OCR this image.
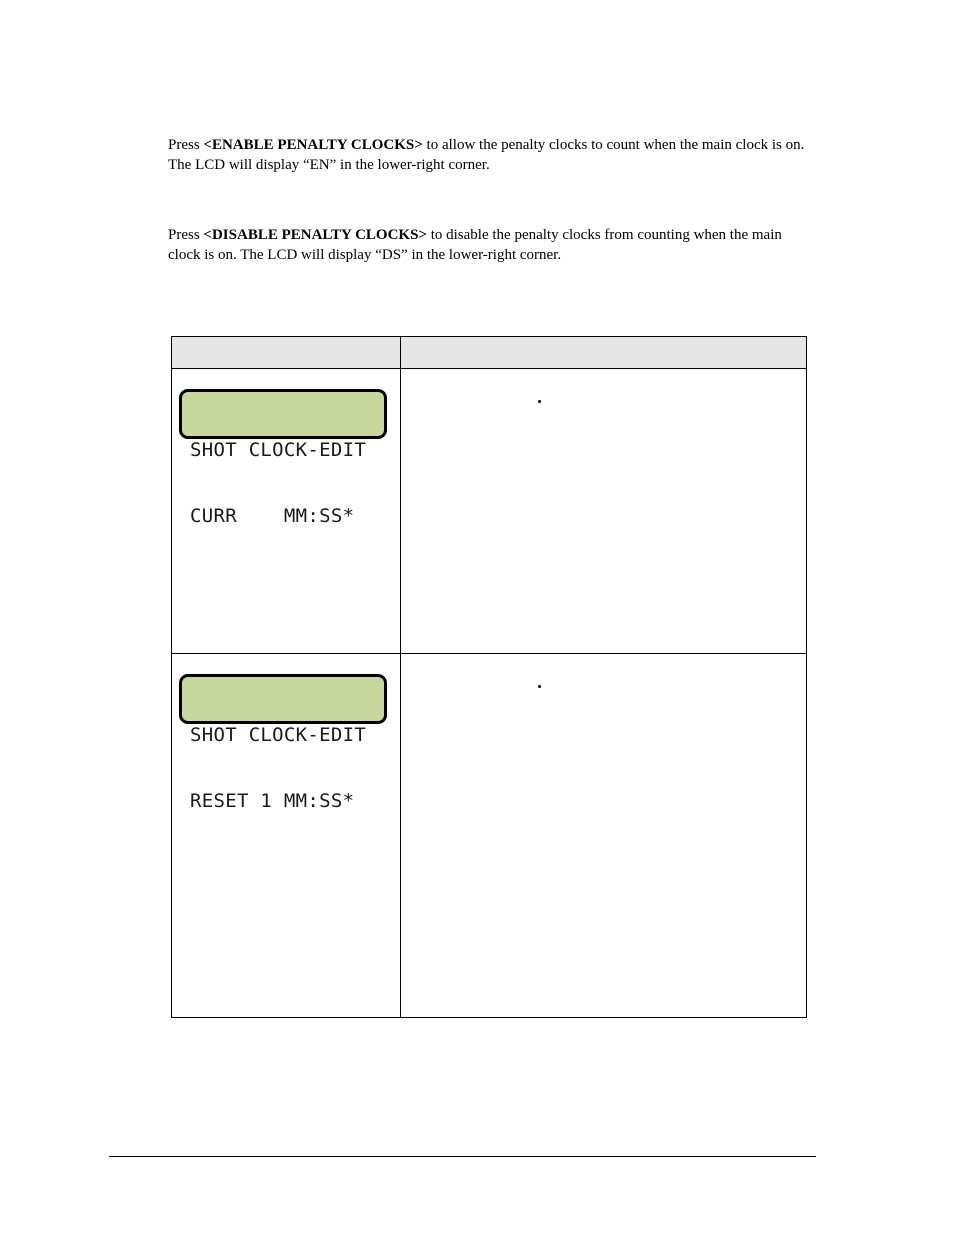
Press <ENABLE PENALTY CLOCKS> to allow the penalty clocks to count when the main clock is on. The LCD will display “EN” in the lower-right corner.

Press <DISABLE PENALTY CLOCKS> to disable the penalty clocks from counting when the main clock is on. The LCD will display “DS” in the lower-right corner.

SHOT CLOCK-EDIT

CURR    MM:SS*

SHOT CLOCK-EDIT

RESET 1 MM:SS*
